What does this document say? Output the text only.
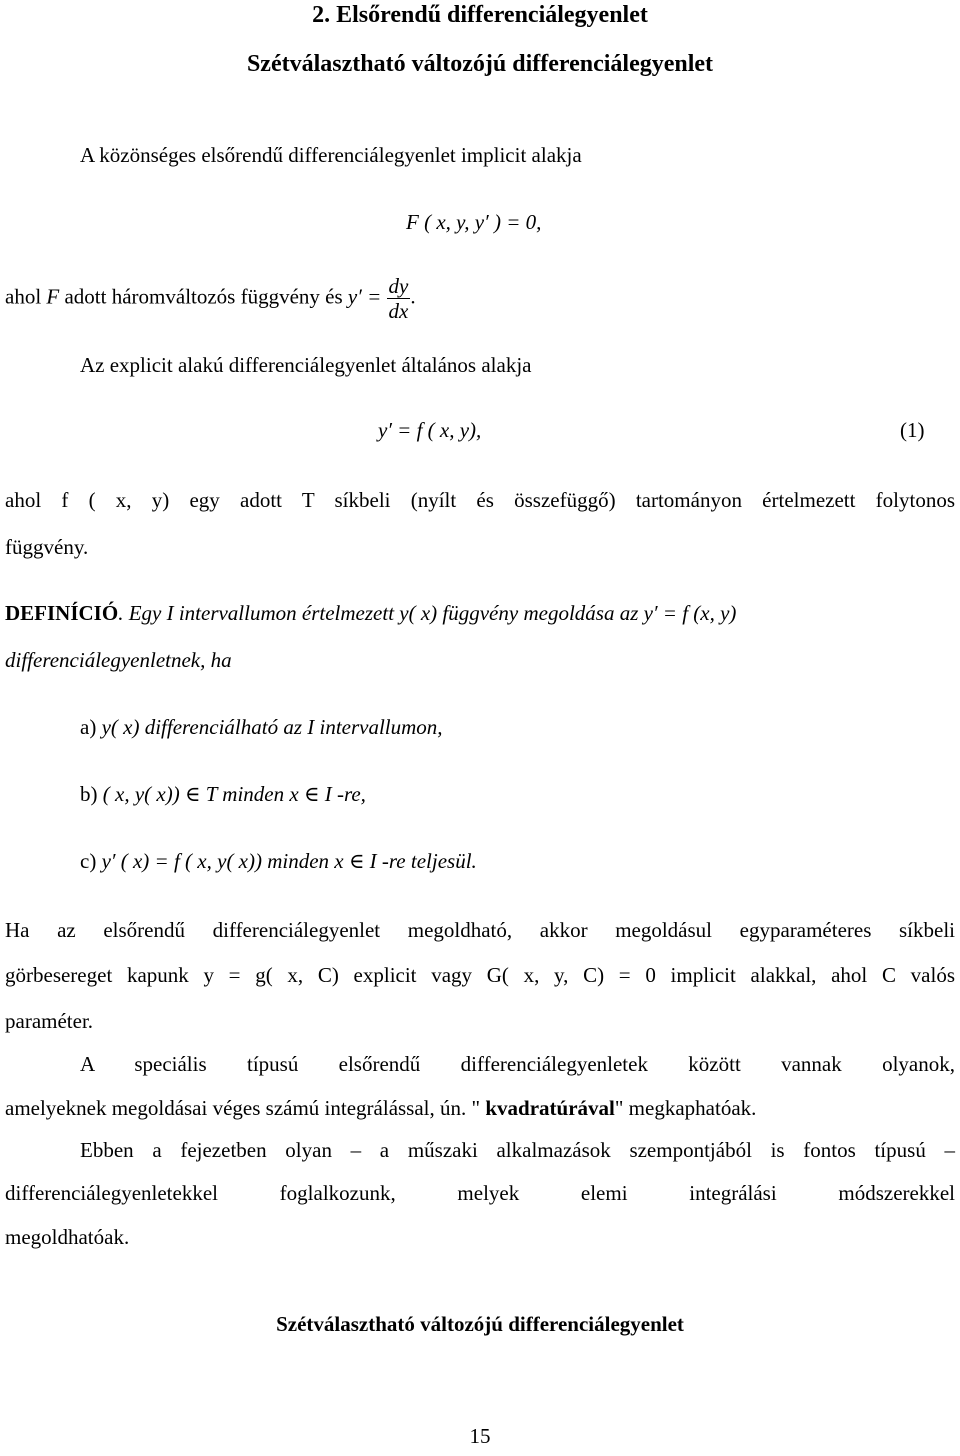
2. Elsőrendű differenciálegyenlet
Szétválasztható változójú differenciálegyenlet
A közönséges elsőrendű differenciálegyenlet implicit alakja
F ( x, y, y′ ) = 0,
ahol F adott háromváltozós függvény és $y' = \frac{dy}{dx}$ .
Az explicit alakú differenciálegyenlet általános alakja
y′ = f ( x, y),	(1)
ahol f ( x, y) egy adott T síkbeli (nyílt és összefüggő) tartományon értelmezett folytonos
függvény.
DEFINÍCIÓ. Egy I intervallumon értelmezett y( x) függvény megoldása az y′ = f (x, y)
differenciálegyenletnek, ha
a) y( x) differenciálható az I intervallumon,
b) ( x, y( x)) ∈ T minden x ∈ I -re,
c) y′ ( x) = f ( x, y( x)) minden x ∈ I -re teljesül.
Ha az elsőrendű differenciálegyenlet megoldható, akkor megoldásul egyparaméteres síkbeli
görbesereget kapunk y = g( x, C) explicit vagy G( x, y, C) = 0 implicit alakkal, ahol C valós
paraméter.
A speciális típusú elsőrendű differenciálegyenletek között vannak olyanok,
amelyeknek megoldásai véges számú integrálással, ún. " kvadratúrával" megkaphatóak.
Ebben a fejezetben olyan – a műszaki alkalmazások szempontjából is fontos típusú –
differenciálegyenletekkel foglalkozunk, melyek elemi integrálási módszerekkel
megoldhatóak.
Szétválasztható változójú differenciálegyenlet
15
